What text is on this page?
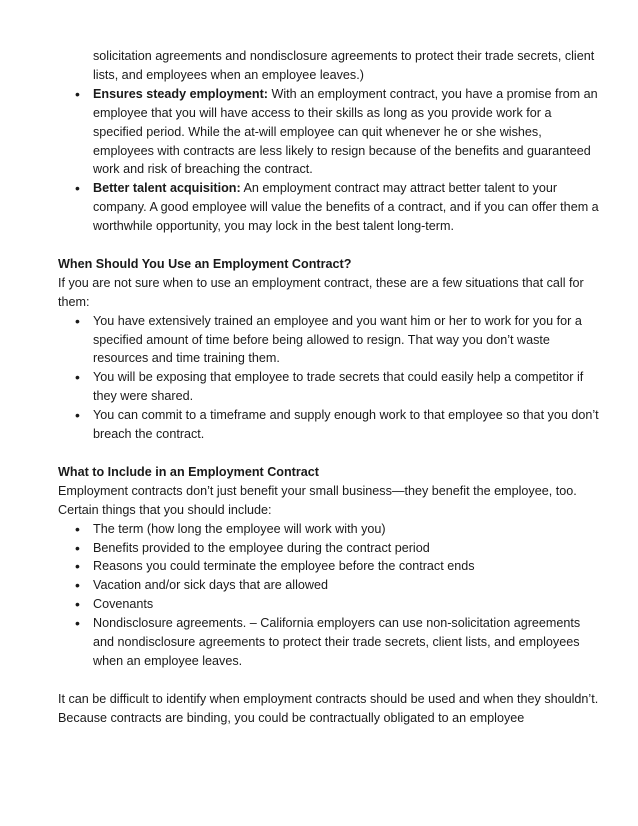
solicitation agreements and nondisclosure agreements to protect their trade secrets, client lists, and employees when an employee leaves.)
• Ensures steady employment: With an employment contract, you have a promise from an employee that you will have access to their skills as long as you provide work for a specified period. While the at-will employee can quit whenever he or she wishes, employees with contracts are less likely to resign because of the benefits and guaranteed work and risk of breaching the contract.
• Better talent acquisition: An employment contract may attract better talent to your company. A good employee will value the benefits of a contract, and if you can offer them a worthwhile opportunity, you may lock in the best talent long-term.

When Should You Use an Employment Contract?

If you are not sure when to use an employment contract, these are a few situations that call for them:

• You have extensively trained an employee and you want him or her to work for you for a specified amount of time before being allowed to resign. That way you don’t waste resources and time training them.
• You will be exposing that employee to trade secrets that could easily help a competitor if they were shared.
• You can commit to a timeframe and supply enough work to that employee so that you don’t breach the contract.

What to Include in an Employment Contract

Employment contracts don’t just benefit your small business—they benefit the employee, too. Certain things that you should include:

• The term (how long the employee will work with you)
• Benefits provided to the employee during the contract period
• Reasons you could terminate the employee before the contract ends
• Vacation and/or sick days that are allowed
• Covenants
• Nondisclosure agreements. – California employers can use non-solicitation agreements and nondisclosure agreements to protect their trade secrets, client lists, and employees when an employee leaves.

It can be difficult to identify when employment contracts should be used and when they shouldn’t. Because contracts are binding, you could be contractually obligated to an employee
